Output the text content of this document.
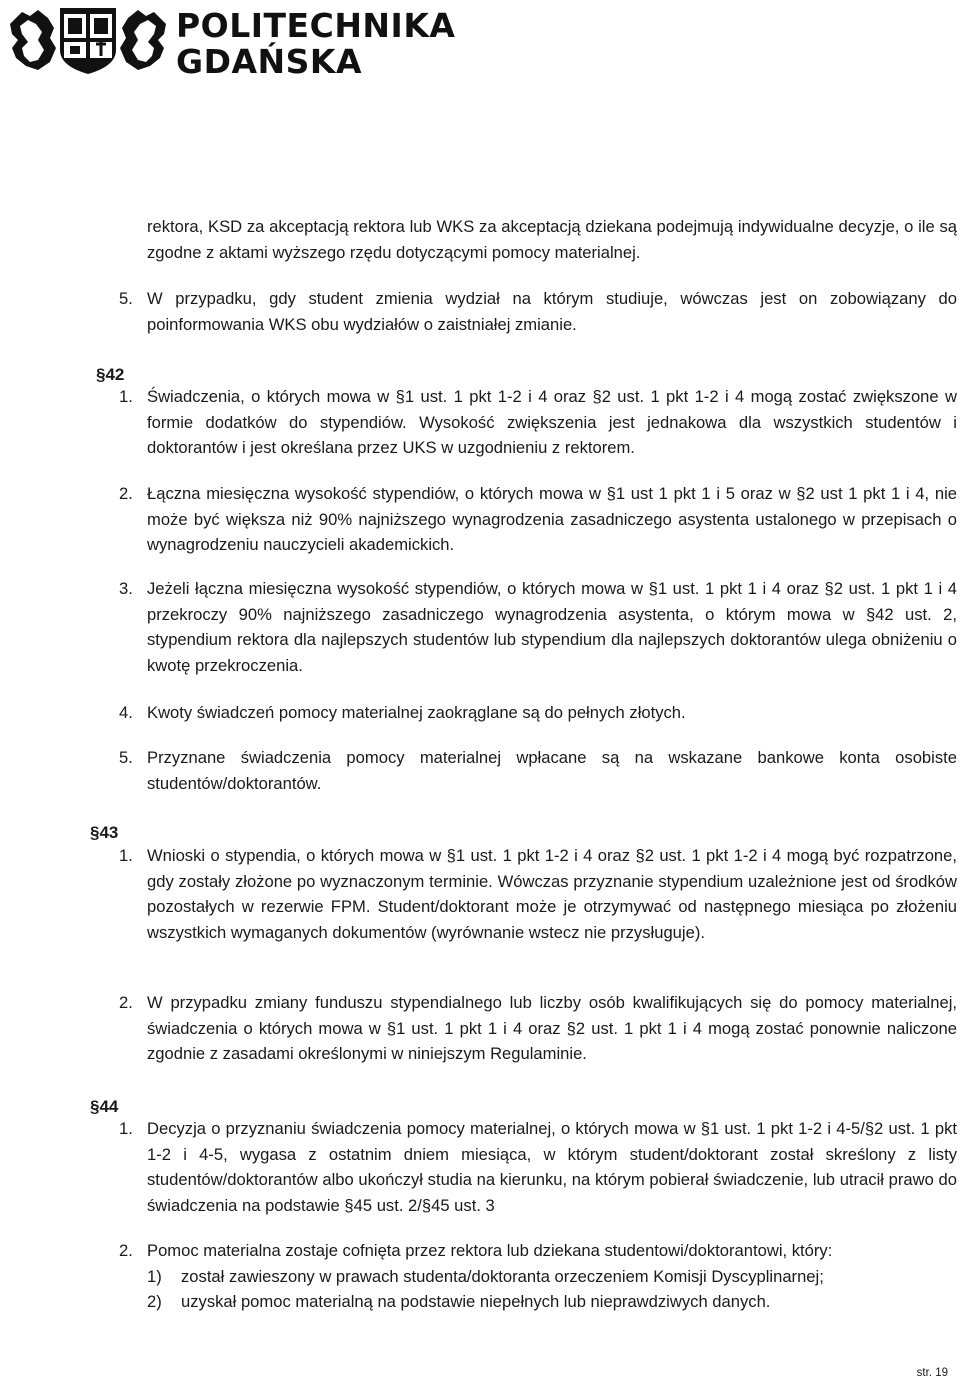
POLITECHNIKA
GDAŃSKA
rektora, KSD za akceptacją rektora lub WKS za akceptacją dziekana podejmują indywidualne decyzje, o ile są zgodne z aktami wyższego rzędu dotyczącymi pomocy materialnej.
5. W przypadku, gdy student zmienia wydział na którym studiuje, wówczas jest on zobowiązany do poinformowania WKS obu wydziałów o zaistniałej zmianie.
§42
1. Świadczenia, o których mowa w §1 ust. 1 pkt 1-2 i 4 oraz §2 ust. 1 pkt 1-2 i 4 mogą zostać zwiększone w formie dodatków do stypendiów. Wysokość zwiększenia jest jednakowa dla wszystkich studentów i doktorantów i jest określana przez UKS w uzgodnieniu z rektorem.
2. Łączna miesięczna wysokość stypendiów, o których mowa w §1 ust 1 pkt 1 i 5 oraz w §2 ust 1 pkt 1 i 4, nie może być większa niż 90% najniższego wynagrodzenia zasadniczego asystenta ustalonego w przepisach o wynagrodzeniu nauczycieli akademickich.
3. Jeżeli łączna miesięczna wysokość stypendiów, o których mowa w §1 ust. 1 pkt 1 i 4 oraz §2 ust. 1 pkt 1 i 4 przekroczy 90% najniższego zasadniczego wynagrodzenia asystenta, o którym mowa w §42 ust. 2, stypendium rektora dla najlepszych studentów lub stypendium dla najlepszych doktorantów ulega obniżeniu o kwotę przekroczenia.
4. Kwoty świadczeń pomocy materialnej zaokrąglane są do pełnych złotych.
5. Przyznane świadczenia pomocy materialnej wpłacane są na wskazane bankowe konta osobiste studentów/doktorantów.
§43
1. Wnioski o stypendia, o których mowa w §1 ust. 1 pkt 1-2 i 4 oraz §2 ust. 1 pkt 1-2 i 4 mogą być rozpatrzone, gdy zostały złożone po wyznaczonym terminie. Wówczas przyznanie stypendium uzależnione jest od środków pozostałych w rezerwie FPM. Student/doktorant może je otrzymywać od następnego miesiąca po złożeniu wszystkich wymaganych dokumentów (wyrównanie wstecz nie przysługuje).
2. W przypadku zmiany funduszu stypendialnego lub liczby osób kwalifikujących się do pomocy materialnej, świadczenia o których mowa w §1 ust. 1 pkt 1 i 4 oraz §2 ust. 1 pkt 1 i 4 mogą zostać ponownie naliczone zgodnie z zasadami określonymi w niniejszym Regulaminie.
§44
1. Decyzja o przyznaniu świadczenia pomocy materialnej, o których mowa w §1 ust. 1 pkt 1-2 i 4-5/§2 ust. 1 pkt 1-2 i 4-5, wygasa z ostatnim dniem miesiąca, w którym student/doktorant został skreślony z listy studentów/doktorantów albo ukończył studia na kierunku, na którym pobierał świadczenie, lub utracił prawo do świadczenia na podstawie §45 ust. 2/§45 ust. 3
2. Pomoc materialna zostaje cofnięta przez rektora lub dziekana studentowi/doktorantowi, który:
1) został zawieszony w prawach studenta/doktoranta orzeczeniem Komisji Dyscyplinarnej;
2) uzyskał pomoc materialną na podstawie niepełnych lub nieprawdziwych danych.
str. 19
